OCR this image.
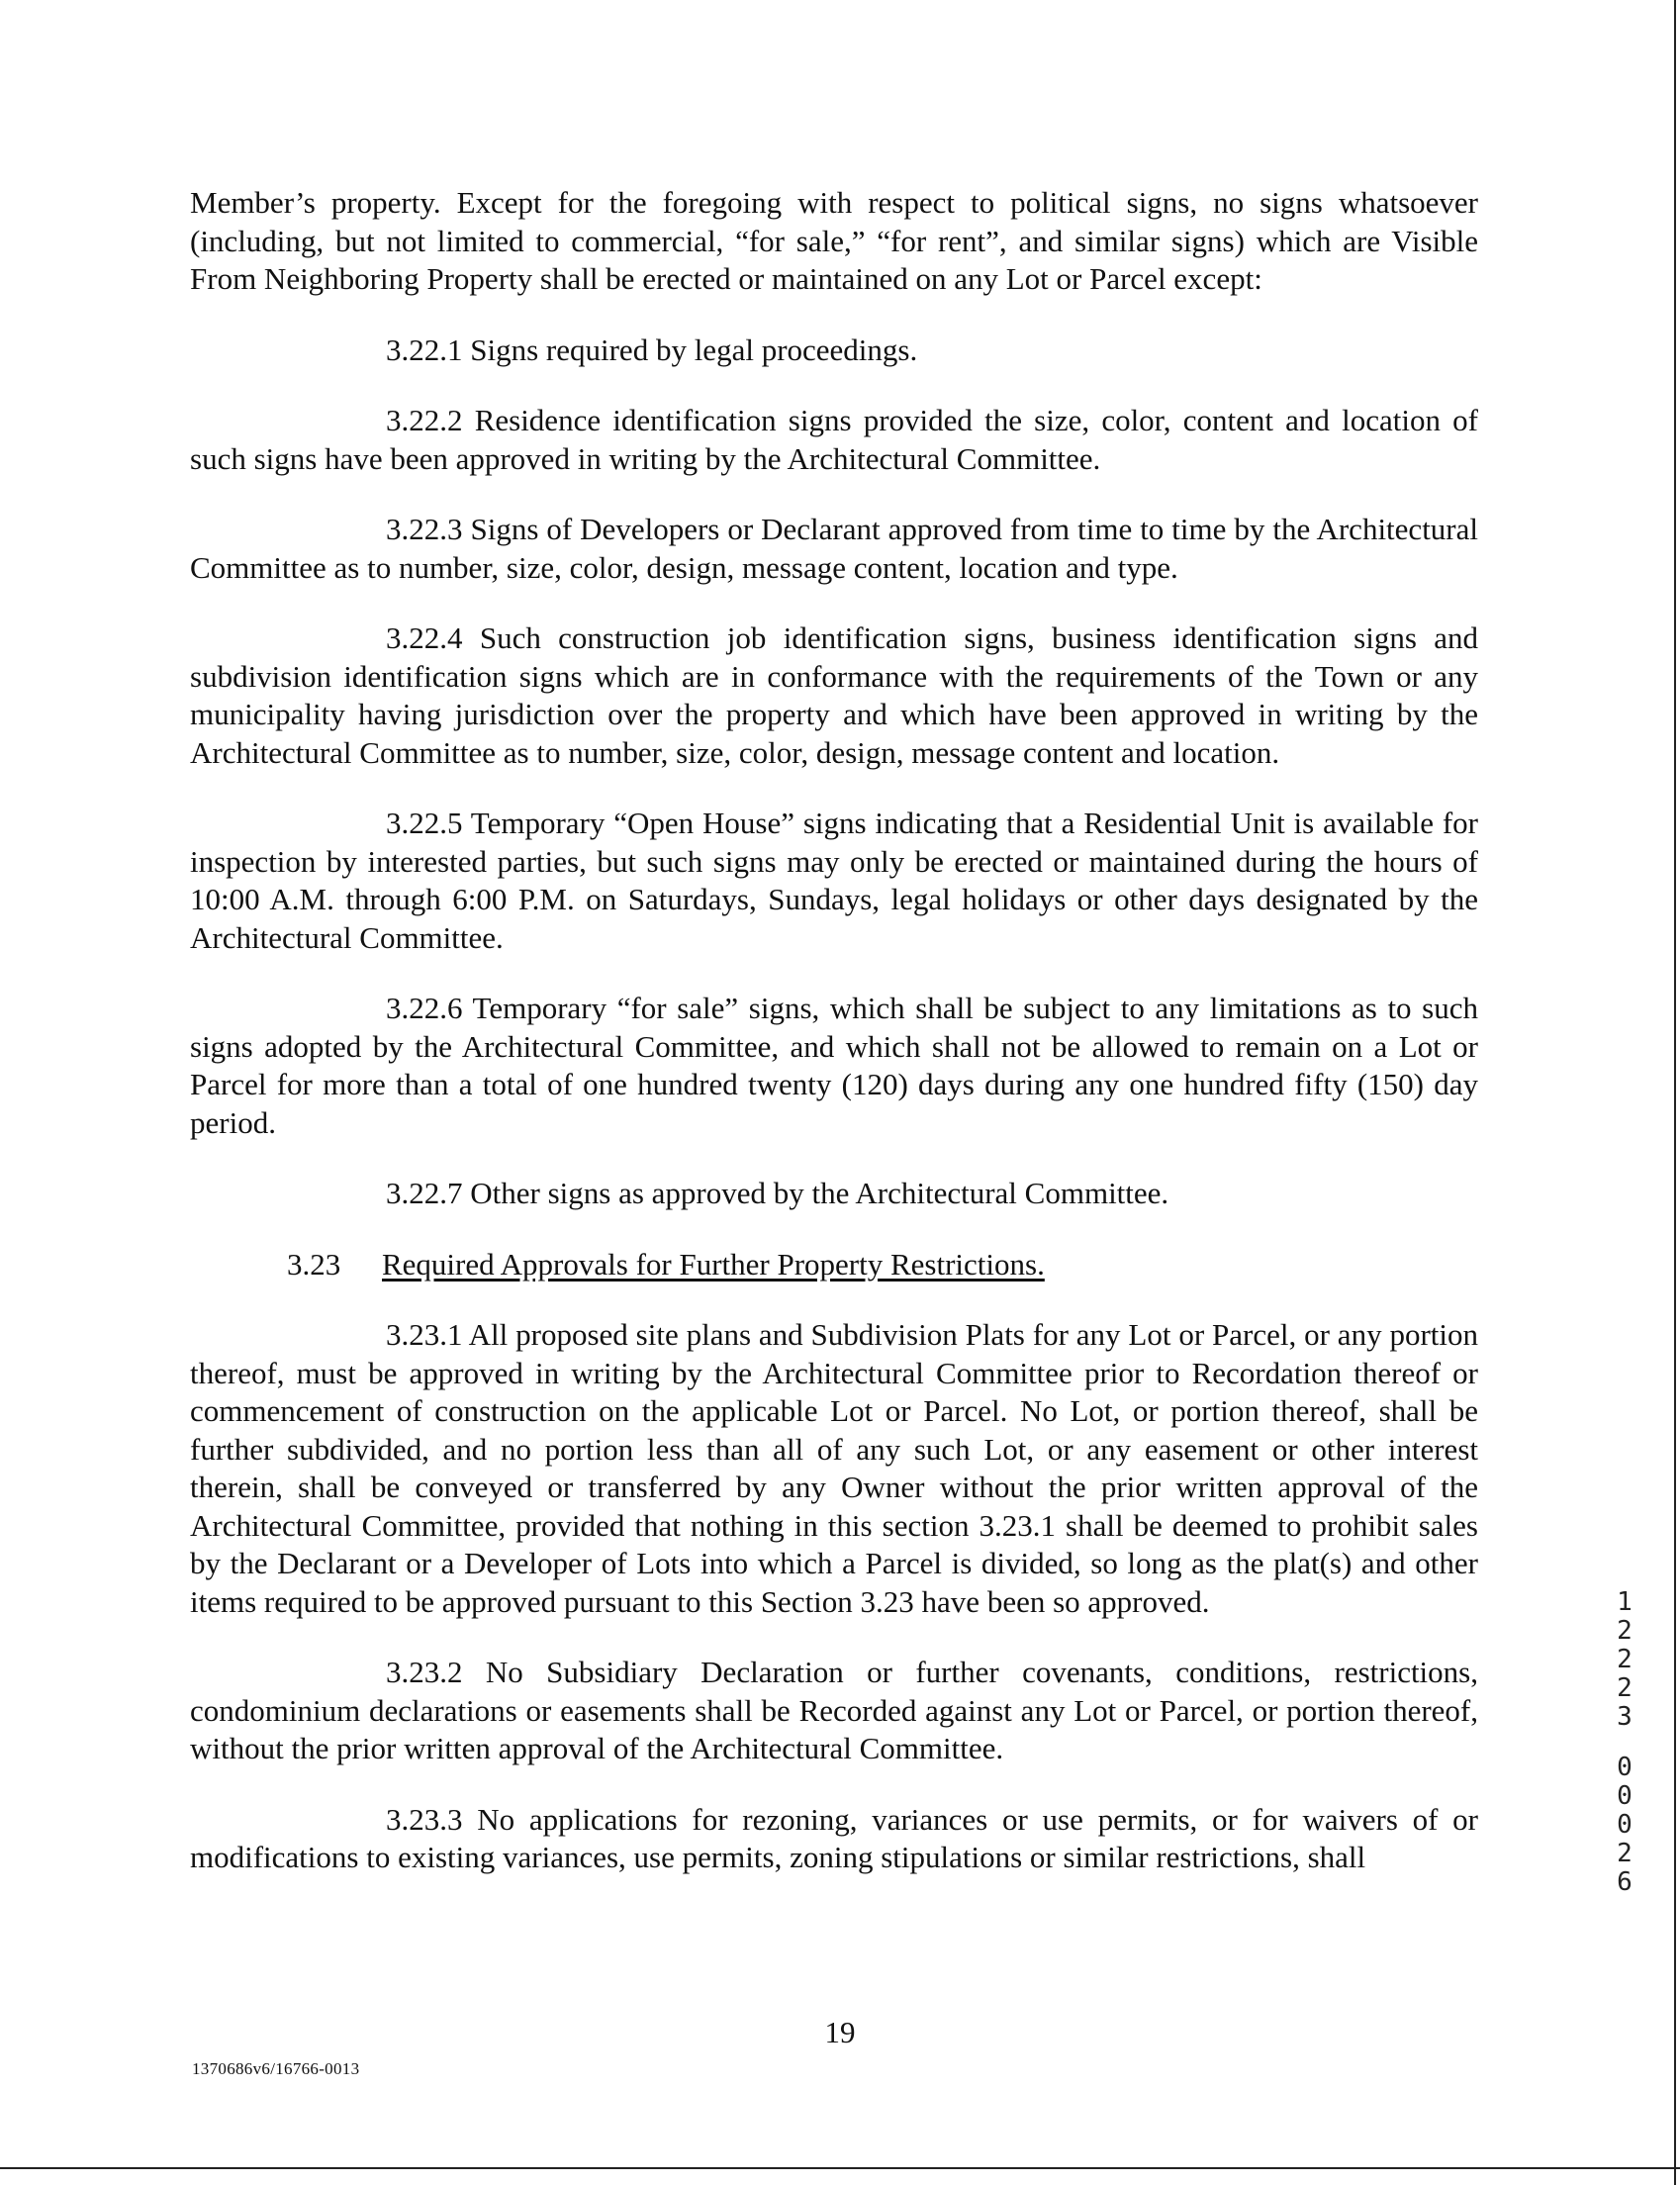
Member’s property. Except for the foregoing with respect to political signs, no signs whatsoever (including, but not limited to commercial, “for sale,” “for rent”, and similar signs) which are Visible From Neighboring Property shall be erected or maintained on any Lot or Parcel except:

3.22.1 Signs required by legal proceedings.

3.22.2 Residence identification signs provided the size, color, content and location of such signs have been approved in writing by the Architectural Committee.

3.22.3 Signs of Developers or Declarant approved from time to time by the Architectural Committee as to number, size, color, design, message content, location and type.

3.22.4 Such construction job identification signs, business identification signs and subdivision identification signs which are in conformance with the requirements of the Town or any municipality having jurisdiction over the property and which have been approved in writing by the Architectural Committee as to number, size, color, design, message content and location.

3.22.5 Temporary “Open House” signs indicating that a Residential Unit is available for inspection by interested parties, but such signs may only be erected or maintained during the hours of 10:00 A.M. through 6:00 P.M. on Saturdays, Sundays, legal holidays or other days designated by the Architectural Committee.

3.22.6 Temporary “for sale” signs, which shall be subject to any limitations as to such signs adopted by the Architectural Committee, and which shall not be allowed to remain on a Lot or Parcel for more than a total of one hundred twenty (120) days during any one hundred fifty (150) day period.

3.22.7 Other signs as approved by the Architectural Committee.

3.23 Required Approvals for Further Property Restrictions.

3.23.1 All proposed site plans and Subdivision Plats for any Lot or Parcel, or any portion thereof, must be approved in writing by the Architectural Committee prior to Recordation thereof or commencement of construction on the applicable Lot or Parcel. No Lot, or portion thereof, shall be further subdivided, and no portion less than all of any such Lot, or any easement or other interest therein, shall be conveyed or transferred by any Owner without the prior written approval of the Architectural Committee, provided that nothing in this section 3.23.1 shall be deemed to prohibit sales by the Declarant or a Developer of Lots into which a Parcel is divided, so long as the plat(s) and other items required to be approved pursuant to this Section 3.23 have been so approved.

3.23.2 No Subsidiary Declaration or further covenants, conditions, restrictions, condominium declarations or easements shall be Recorded against any Lot or Parcel, or portion thereof, without the prior written approval of the Architectural Committee.

3.23.3 No applications for rezoning, variances or use permits, or for waivers of or modifications to existing variances, use permits, zoning stipulations or similar restrictions, shall

19
1370686v6/16766-0013
12223
00026
